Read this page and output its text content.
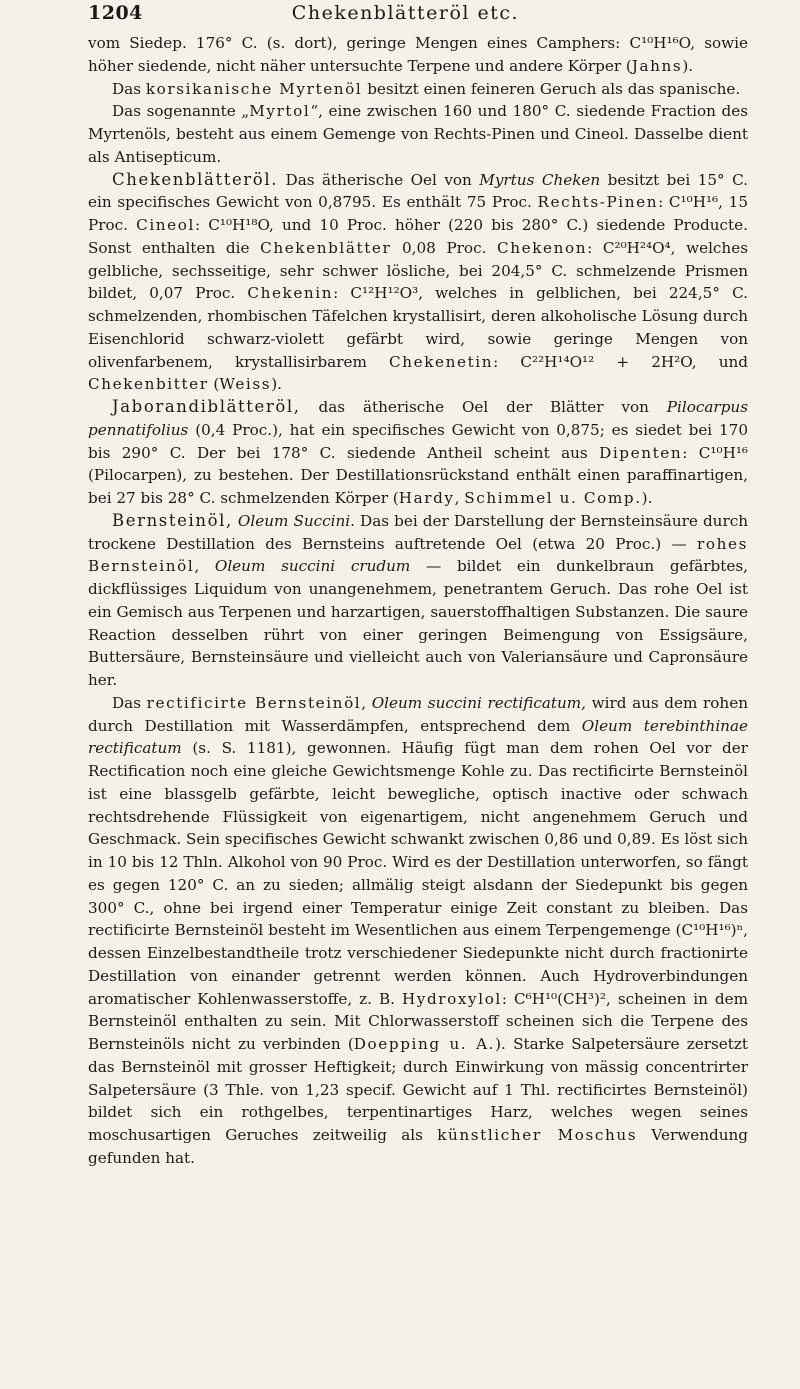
1204	Chekenblätteröl etc.

vom Siedep. 176° C. (s. dort), geringe Mengen eines Camphers: C¹⁰H¹⁶O, sowie höher siedende, nicht näher untersuchte Terpene und andere Körper (Jahns).

Das korsikanische Myrtenöl besitzt einen feineren Geruch als das spanische.

Das sogenannte „Myrtol“, eine zwischen 160 und 180° C. siedende Fraction des Myrtenöls, besteht aus einem Gemenge von Rechts-Pinen und Cineol. Dasselbe dient als Antisepticum.

Chekenblätteröl. Das ätherische Oel von Myrtus Cheken besitzt bei 15° C. ein specifisches Gewicht von 0,8795. Es enthält 75 Proc. Rechts-Pinen: C¹⁰H¹⁶, 15 Proc. Cineol: C¹⁰H¹⁸O, und 10 Proc. höher (220 bis 280° C.) siedende Producte. Sonst enthalten die Chekenblätter 0,08 Proc. Chekenon: C²⁰H²⁴O⁴, welches gelbliche, sechsseitige, sehr schwer lösliche, bei 204,5° C. schmelzende Prismen bildet, 0,07 Proc. Chekenin: C¹²H¹²O³, welches in gelblichen, bei 224,5° C. schmelzenden, rhombischen Täfelchen krystallisirt, deren alkoholische Lösung durch Eisenchlorid schwarz-violett gefärbt wird, sowie geringe Mengen von olivenfarbenem, krystallisirbarem Chekenetin: C²²H¹⁴O¹² + 2H²O, und Chekenbitter (Weiss).

Jaborandiblätteröl, das ätherische Oel der Blätter von Pilocarpus pennatifolius (0,4 Proc.), hat ein specifisches Gewicht von 0,875; es siedet bei 170 bis 290° C. Der bei 178° C. siedende Antheil scheint aus Dipenten: C¹⁰H¹⁶ (Pilocarpen), zu bestehen. Der Destillationsrückstand enthält einen paraffinartigen, bei 27 bis 28° C. schmelzenden Körper (Hardy, Schimmel u. Comp.).

Bernsteinöl, Oleum Succini. Das bei der Darstellung der Bernsteinsäure durch trockene Destillation des Bernsteins auftretende Oel (etwa 20 Proc.) — rohes Bernsteinöl, Oleum succini crudum — bildet ein dunkelbraun gefärbtes, dickflüssiges Liquidum von unangenehmem, penetrantem Geruch. Das rohe Oel ist ein Gemisch aus Terpenen und harzartigen, sauerstoffhaltigen Substanzen. Die saure Reaction desselben rührt von einer geringen Beimengung von Essigsäure, Buttersäure, Bernsteinsäure und vielleicht auch von Valeriansäure und Capronsäure her.

Das rectificirte Bernsteinöl, Oleum succini rectificatum, wird aus dem rohen durch Destillation mit Wasserdämpfen, entsprechend dem Oleum terebinthinae rectificatum (s. S. 1181), gewonnen. Häufig fügt man dem rohen Oel vor der Rectification noch eine gleiche Gewichtsmenge Kohle zu. Das rectificirte Bernsteinöl ist eine blassgelb gefärbte, leicht bewegliche, optisch inactive oder schwach rechtsdrehende Flüssigkeit von eigenartigem, nicht angenehmem Geruch und Geschmack. Sein specifisches Gewicht schwankt zwischen 0,86 und 0,89. Es löst sich in 10 bis 12 Thln. Alkohol von 90 Proc. Wird es der Destillation unterworfen, so fängt es gegen 120° C. an zu sieden; allmälig steigt alsdann der Siedepunkt bis gegen 300° C., ohne bei irgend einer Temperatur einige Zeit constant zu bleiben. Das rectificirte Bernsteinöl besteht im Wesentlichen aus einem Terpengemenge (C¹⁰H¹⁶)ⁿ, dessen Einzelbestandtheile trotz verschiedener Siedepunkte nicht durch fractionirte Destillation von einander getrennt werden können. Auch Hydroverbindungen aromatischer Kohlenwasserstoffe, z. B. Hydroxylol: C⁶H¹⁰(CH³)², scheinen in dem Bernsteinöl enthalten zu sein. Mit Chlorwasserstoff scheinen sich die Terpene des Bernsteinöls nicht zu verbinden (Doepping u. A.). Starke Salpetersäure zersetzt das Bernsteinöl mit grosser Heftigkeit; durch Einwirkung von mässig concentrirter Salpetersäure (3 Thle. von 1,23 specif. Gewicht auf 1 Thl. rectificirtes Bernsteinöl) bildet sich ein rothgelbes, terpentinartiges Harz, welches wegen seines moschusartigen Geruches zeitweilig als künstlicher Moschus Verwendung gefunden hat.
